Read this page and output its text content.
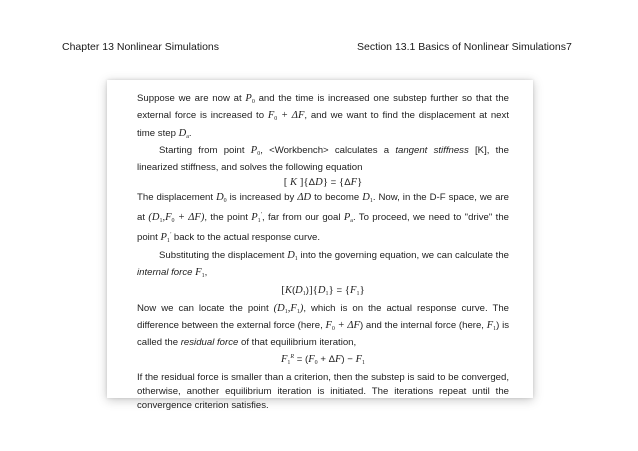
Chapter 13 Nonlinear Simulations	Section 13.1 Basics of Nonlinear Simulations 7

Suppose we are now at $P_0$ and the time is increased one substep further so that the external force is increased to $F_0 + \Delta F$, and we want to find the displacement at next time step $D_a$.

Starting from point $P_0$, <Workbench> calculates a tangent stiffness [K], the linearized stiffness, and solves the following equation

[ K ]{ΔD} = {ΔF}

The displacement $D_0$ is increased by ΔD to become $D_1$. Now, in the D-F space, we are at $(D_1,F_0 + \Delta F)$, the point $P_1'$, far from our goal $P_a$. To proceed, we need to "drive" the point $P_1'$ back to the actual response curve.

Substituting the displacement $D_1$ into the governing equation, we can calculate the internal force $F_1$,

$[K(D_1)]\{D_1\} = \{F_1\}$

Now we can locate the point $(D_1,F_1)$, which is on the actual response curve. The difference between the external force (here, $F_0 + \Delta F$) and the internal force (here, $F_1$) is called the residual force of that equilibrium iteration,

$F_1^R = (F_0 + \Delta F) - F_1$

If the residual force is smaller than a criterion, then the substep is said to be converged, otherwise, another equilibrium iteration is initiated. The iterations repeat until the convergence criterion satisfies.
